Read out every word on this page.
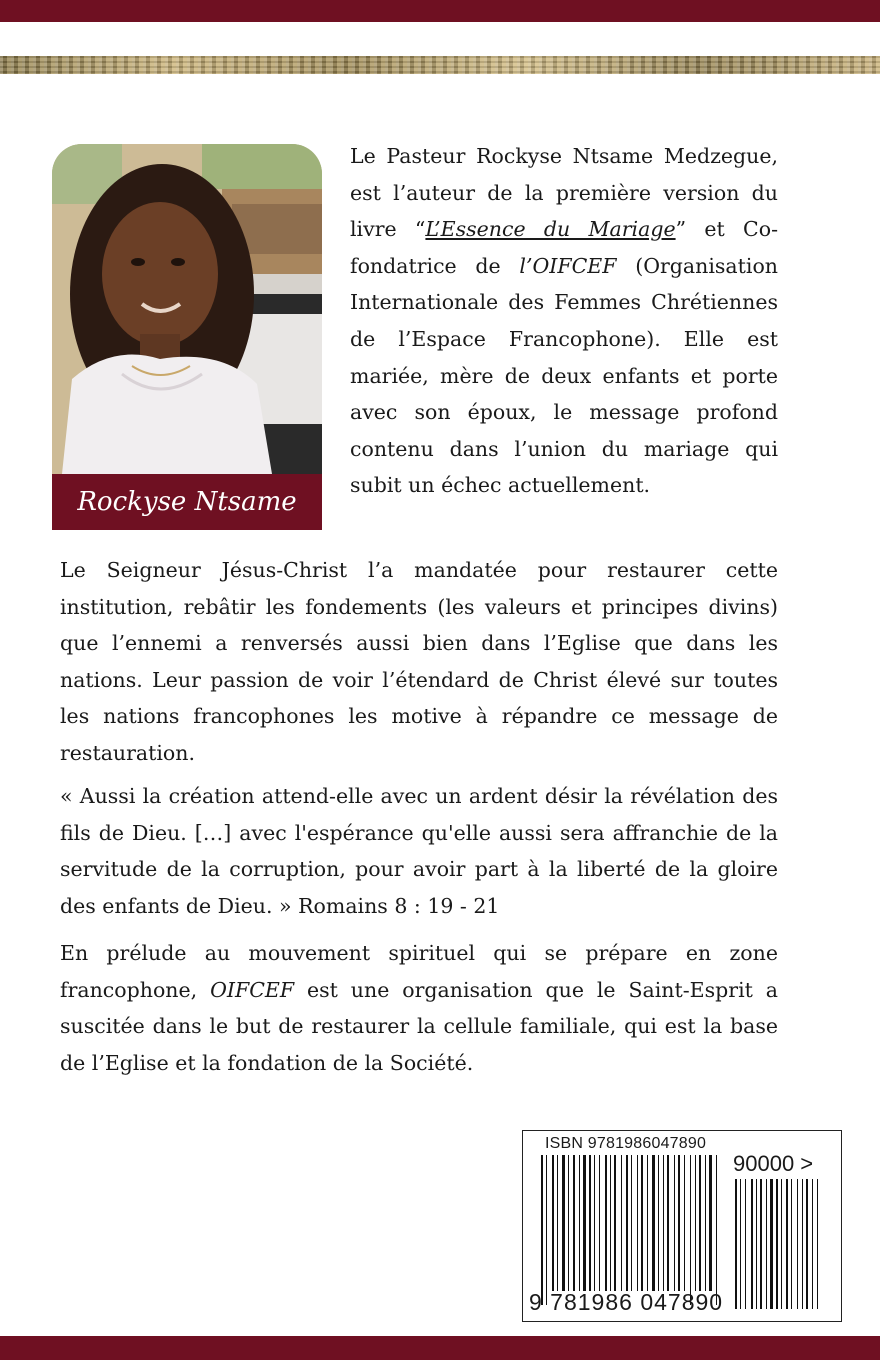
Rockyse Ntsame

Le Pasteur Rockyse Ntsame Medzegue, est l’auteur de la première version du livre “L’Essence du Mariage” et Co-fondatrice de l’OIFCEF (Organisation Internationale des Femmes Chrétiennes de l’Espace Francophone). Elle est mariée, mère de deux enfants et porte avec son époux, le message profond contenu dans l’union du mariage qui subit un échec actuellement.

Le Seigneur Jésus-Christ l’a mandatée pour restaurer cette institution, rebâtir les fondements (les valeurs et principes divins) que l’ennemi a renversés aussi bien dans l’Eglise que dans les nations. Leur passion de voir l’étendard de Christ élevé sur toutes les nations francophones les motive à répandre ce message de restauration.

« Aussi la création attend-elle avec un ardent désir la révélation des fils de Dieu. […] avec l'espérance qu'elle aussi sera affranchie de la servitude de la corruption, pour avoir part à la liberté de la gloire des enfants de Dieu. » Romains 8 : 19 - 21

En prélude au mouvement spirituel qui se prépare en zone francophone, OIFCEF est une organisation que le Saint-Esprit a suscitée dans le but de restaurer la cellule familiale, qui est la base de l’Eglise et la fondation de la Société.

ISBN 9781986047890
90000 >
9 781986 047890
